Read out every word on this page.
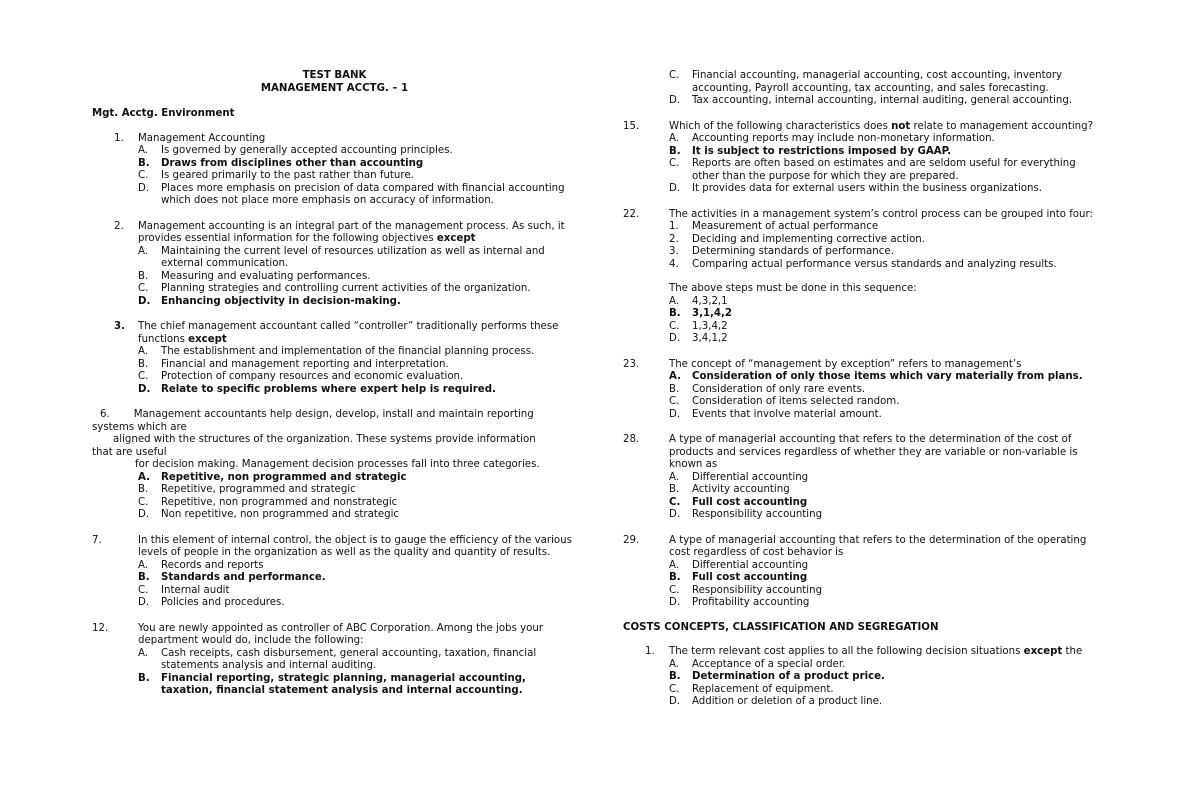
TEST BANK
MANAGEMENT ACCTG. – 1
Mgt. Acctg. Environment
1. Management Accounting
A. Is governed by generally accepted accounting principles.
B. Draws from disciplines other than accounting
C. Is geared primarily to the past rather than future.
D. Places more emphasis on precision of data compared with financial accounting which does not place more emphasis on accuracy of information.
2. Management accounting is an integral part of the management process. As such, it provides essential information for the following objectives except
A. Maintaining the current level of resources utilization as well as internal and external communication.
B. Measuring and evaluating performances.
C. Planning strategies and controlling current activities of the organization.
D. Enhancing objectivity in decision-making.
3. The chief management accountant called “controller” traditionally performs these functions except
A. The establishment and implementation of the financial planning process.
B. Financial and management reporting and interpretation.
C. Protection of company resources and economic evaluation.
D. Relate to specific problems where expert help is required.
6. Management accountants help design, develop, install and maintain reporting
systems which are
aligned with the structures of the organization. These systems provide information
that are useful
for decision making. Management decision processes fall into three categories.
A. Repetitive, non programmed and strategic
B. Repetitive, programmed and strategic
C. Repetitive, non programmed and nonstrategic
D. Non repetitive, non programmed and strategic
7.	In this element of internal control, the object is to gauge the efficiency of the various levels of people in the organization as well as the quality and quantity of results.
A. Records and reports
B. Standards and performance.
C. Internal audit
D. Policies and procedures.
12.	You are newly appointed as controller of ABC Corporation. Among the jobs your department would do, include the following:
A. Cash receipts, cash disbursement, general accounting, taxation, financial statements analysis and internal auditing.
B. Financial reporting, strategic planning, managerial accounting, taxation, financial statement analysis and internal accounting.
C. Financial accounting, managerial accounting, cost accounting, inventory accounting, Payroll accounting, tax accounting, and sales forecasting.
D. Tax accounting, internal accounting, internal auditing, general accounting.
15.	Which of the following characteristics does not relate to management accounting?
A. Accounting reports may include non-monetary information.
B. It is subject to restrictions imposed by GAAP.
C. Reports are often based on estimates and are seldom useful for everything other than the purpose for which they are prepared.
D. It provides data for external users within the business organizations.
22.	The activities in a management system’s control process can be grouped into four:
1. Measurement of actual performance
2. Deciding and implementing corrective action.
3. Determining standards of performance.
4. Comparing actual performance versus standards and analyzing results.
The above steps must be done in this sequence:
A. 4,3,2,1
B. 3,1,4,2
C. 1,3,4,2
D. 3,4,1,2
23.	The concept of “management by exception” refers to management’s
A. Consideration of only those items which vary materially from plans.
B. Consideration of only rare events.
C. Consideration of items selected random.
D. Events that involve material amount.
28.	A type of managerial accounting that refers to the determination of the cost of products and services regardless of whether they are variable or non-variable is known as
A. Differential accounting
B. Activity accounting
C. Full cost accounting
D. Responsibility accounting
29.	A type of managerial accounting that refers to the determination of the operating cost regardless of cost behavior is
A. Differential accounting
B. Full cost accounting
C. Responsibility accounting
D. Profitability accounting
COSTS CONCEPTS, CLASSIFICATION AND SEGREGATION
1. The term relevant cost applies to all the following decision situations except the
A. Acceptance of a special order.
B. Determination of a product price.
C. Replacement of equipment.
D. Addition or deletion of a product line.
